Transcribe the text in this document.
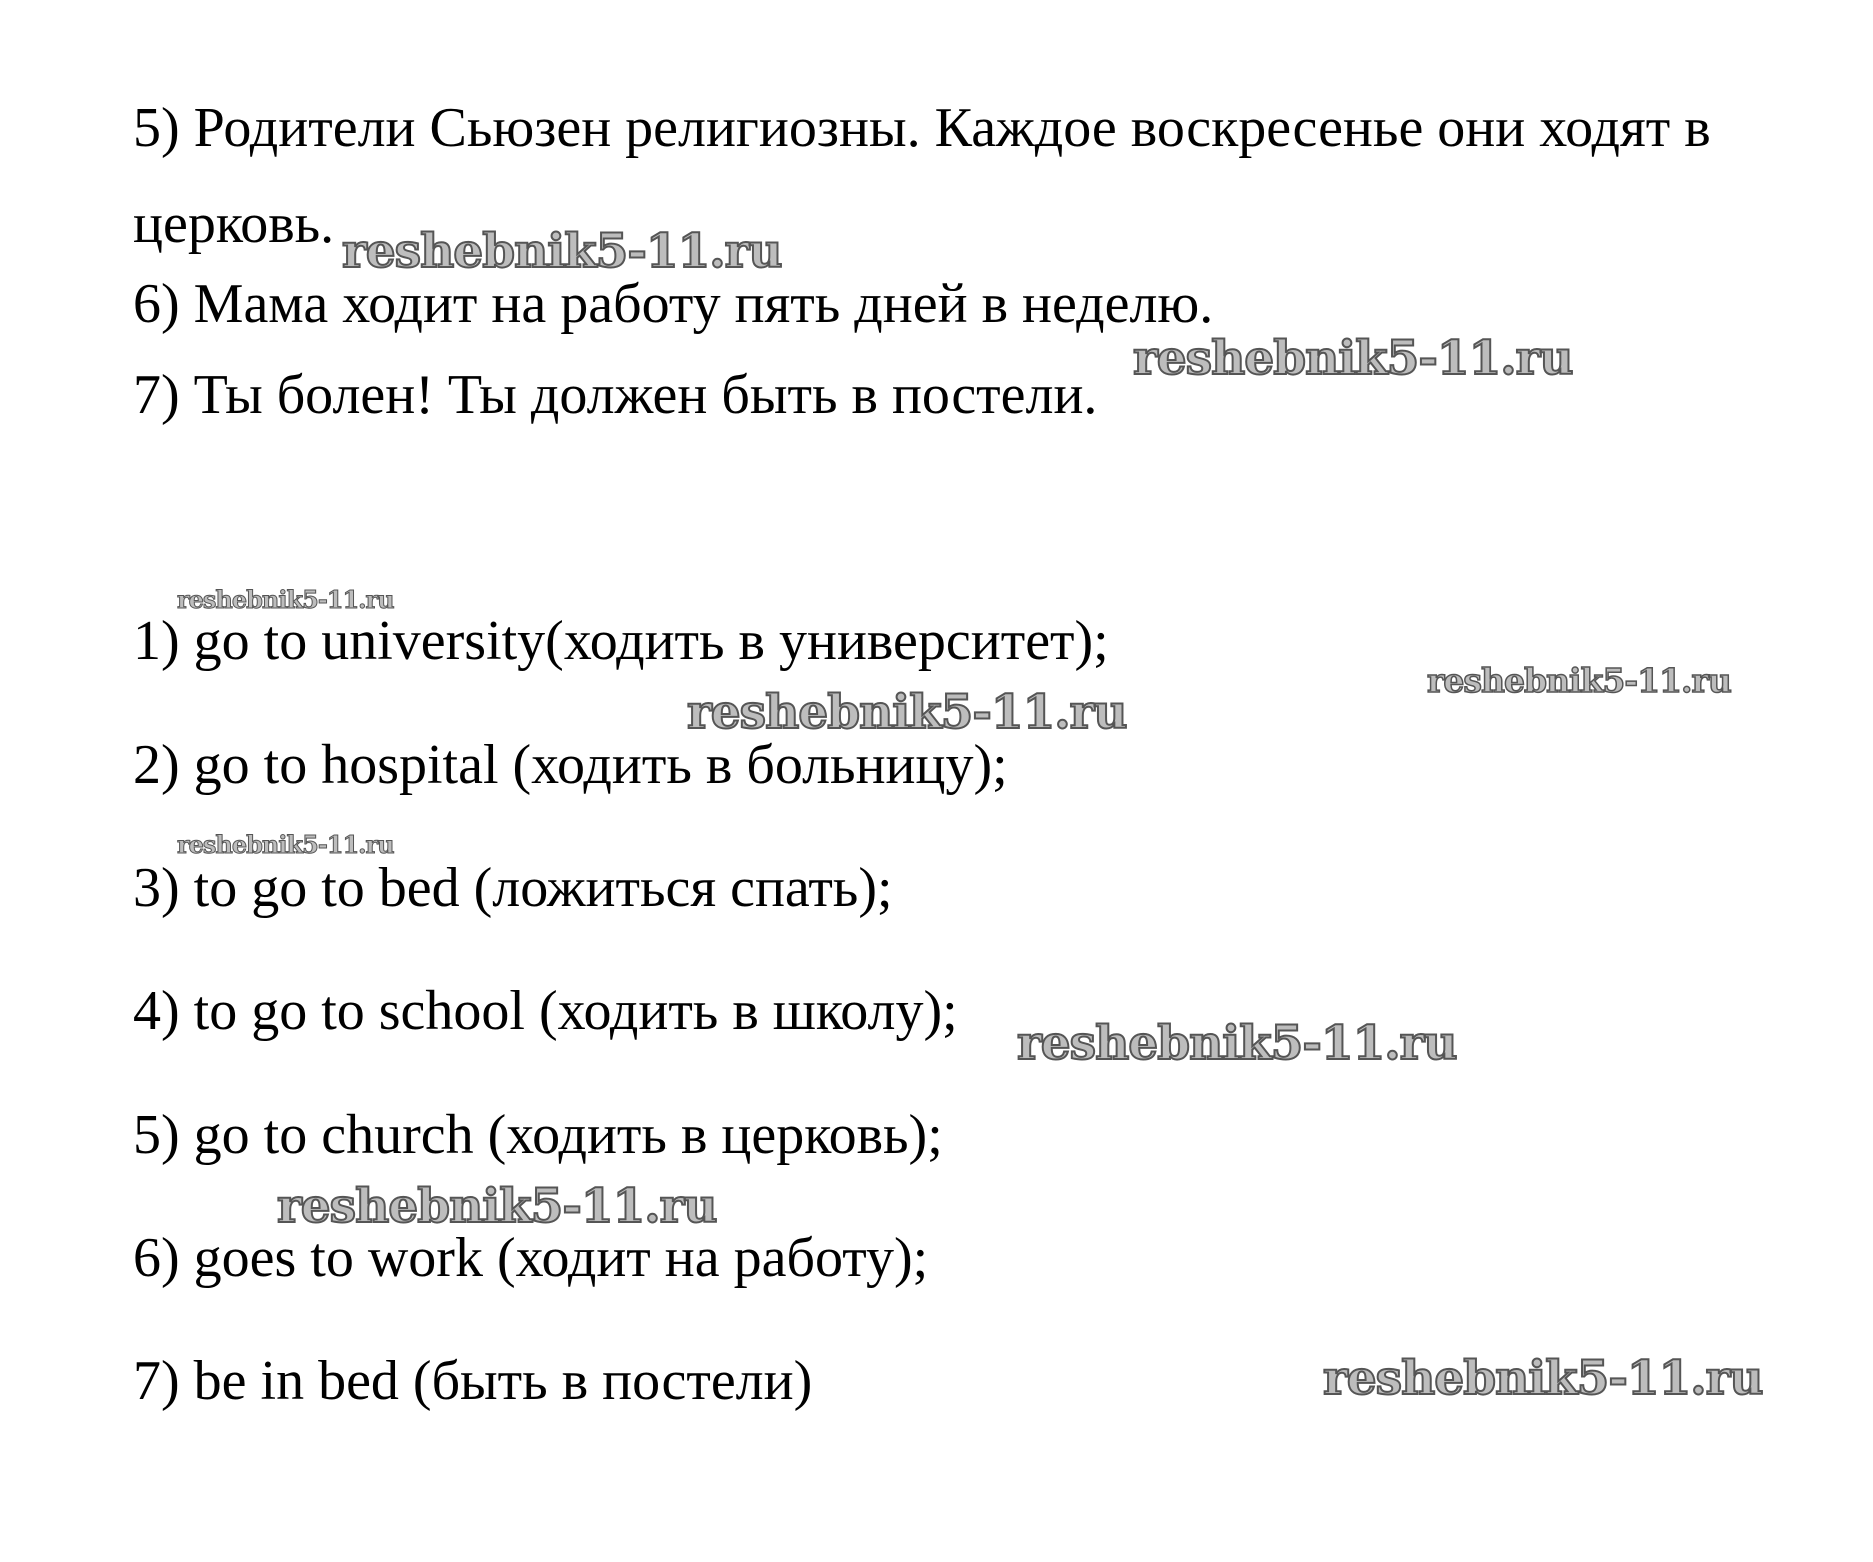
5) Родители Сьюзен религиозны. Каждое воскресенье они ходят в

церковь.

6) Мама ходит на работу пять дней в неделю.

7) Ты болен! Ты должен быть в постели.

1) go to university(ходить в университет);

2) go to hospital (ходить в больницу);

3) to go to bed (ложиться спать);

4) to go to school (ходить в школу);

5) go to church (ходить в церковь);

6) goes to work (ходит на работу);

7) be in bed (быть в постели)

reshebnik5-11.ru
reshebnik5-11.ru
reshebnik5-11.ru
reshebnik5-11.ru
reshebnik5-11.ru
reshebnik5-11.ru
reshebnik5-11.ru
reshebnik5-11.ru
reshebnik5-11.ru
